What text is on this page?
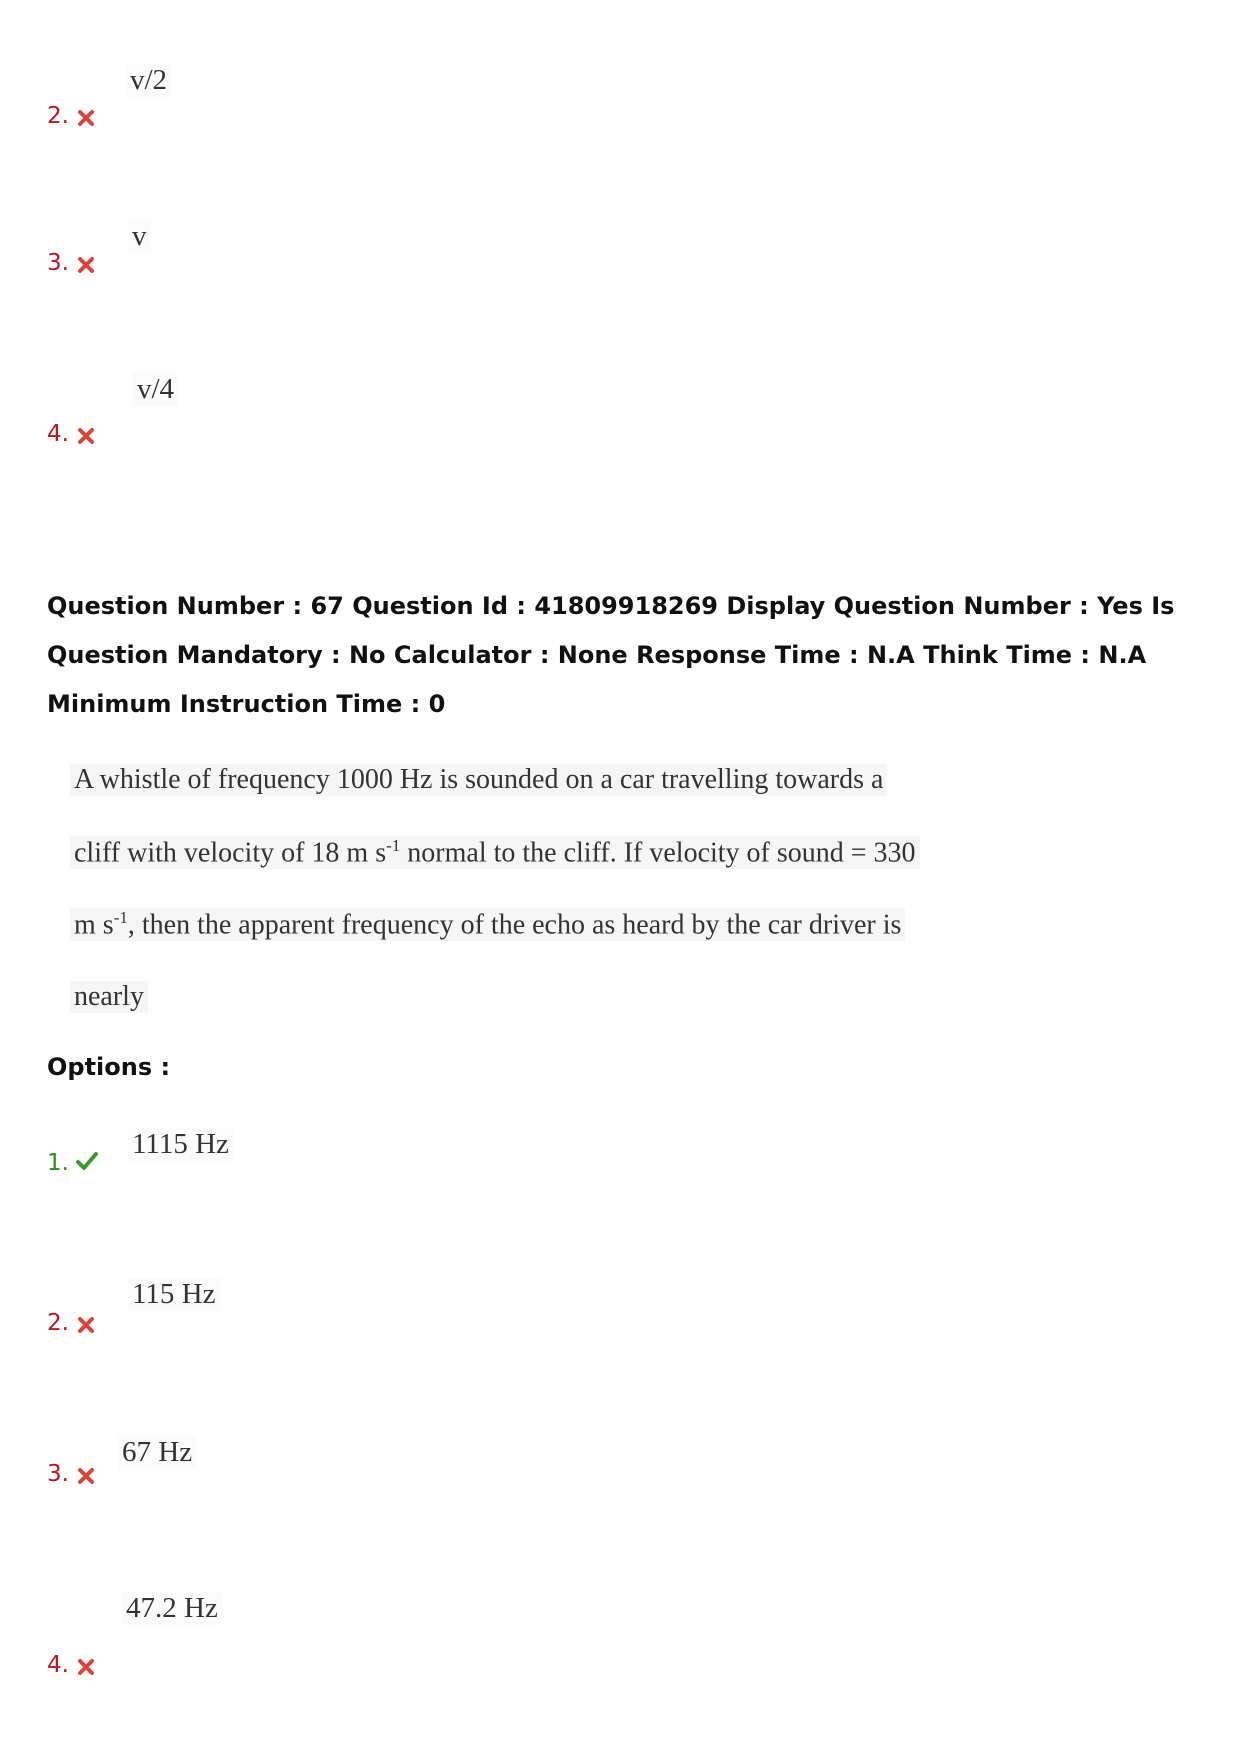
v/2
2.
v
3.
v/4
4.
Question Number : 67 Question Id : 41809918269 Display Question Number : Yes Is Question Mandatory : No Calculator : None Response Time : N.A Think Time : N.A Minimum Instruction Time : 0
A whistle of frequency 1000 Hz is sounded on a car travelling towards a
cliff with velocity of 18 m $s^{-1}$ normal to the cliff. If velocity of sound = 330
m $s^{-1}$, then the apparent frequency of the echo as heard by the car driver is
nearly
Options :
1115 Hz
1.
115 Hz
2.
67 Hz
3.
47.2 Hz
4.
